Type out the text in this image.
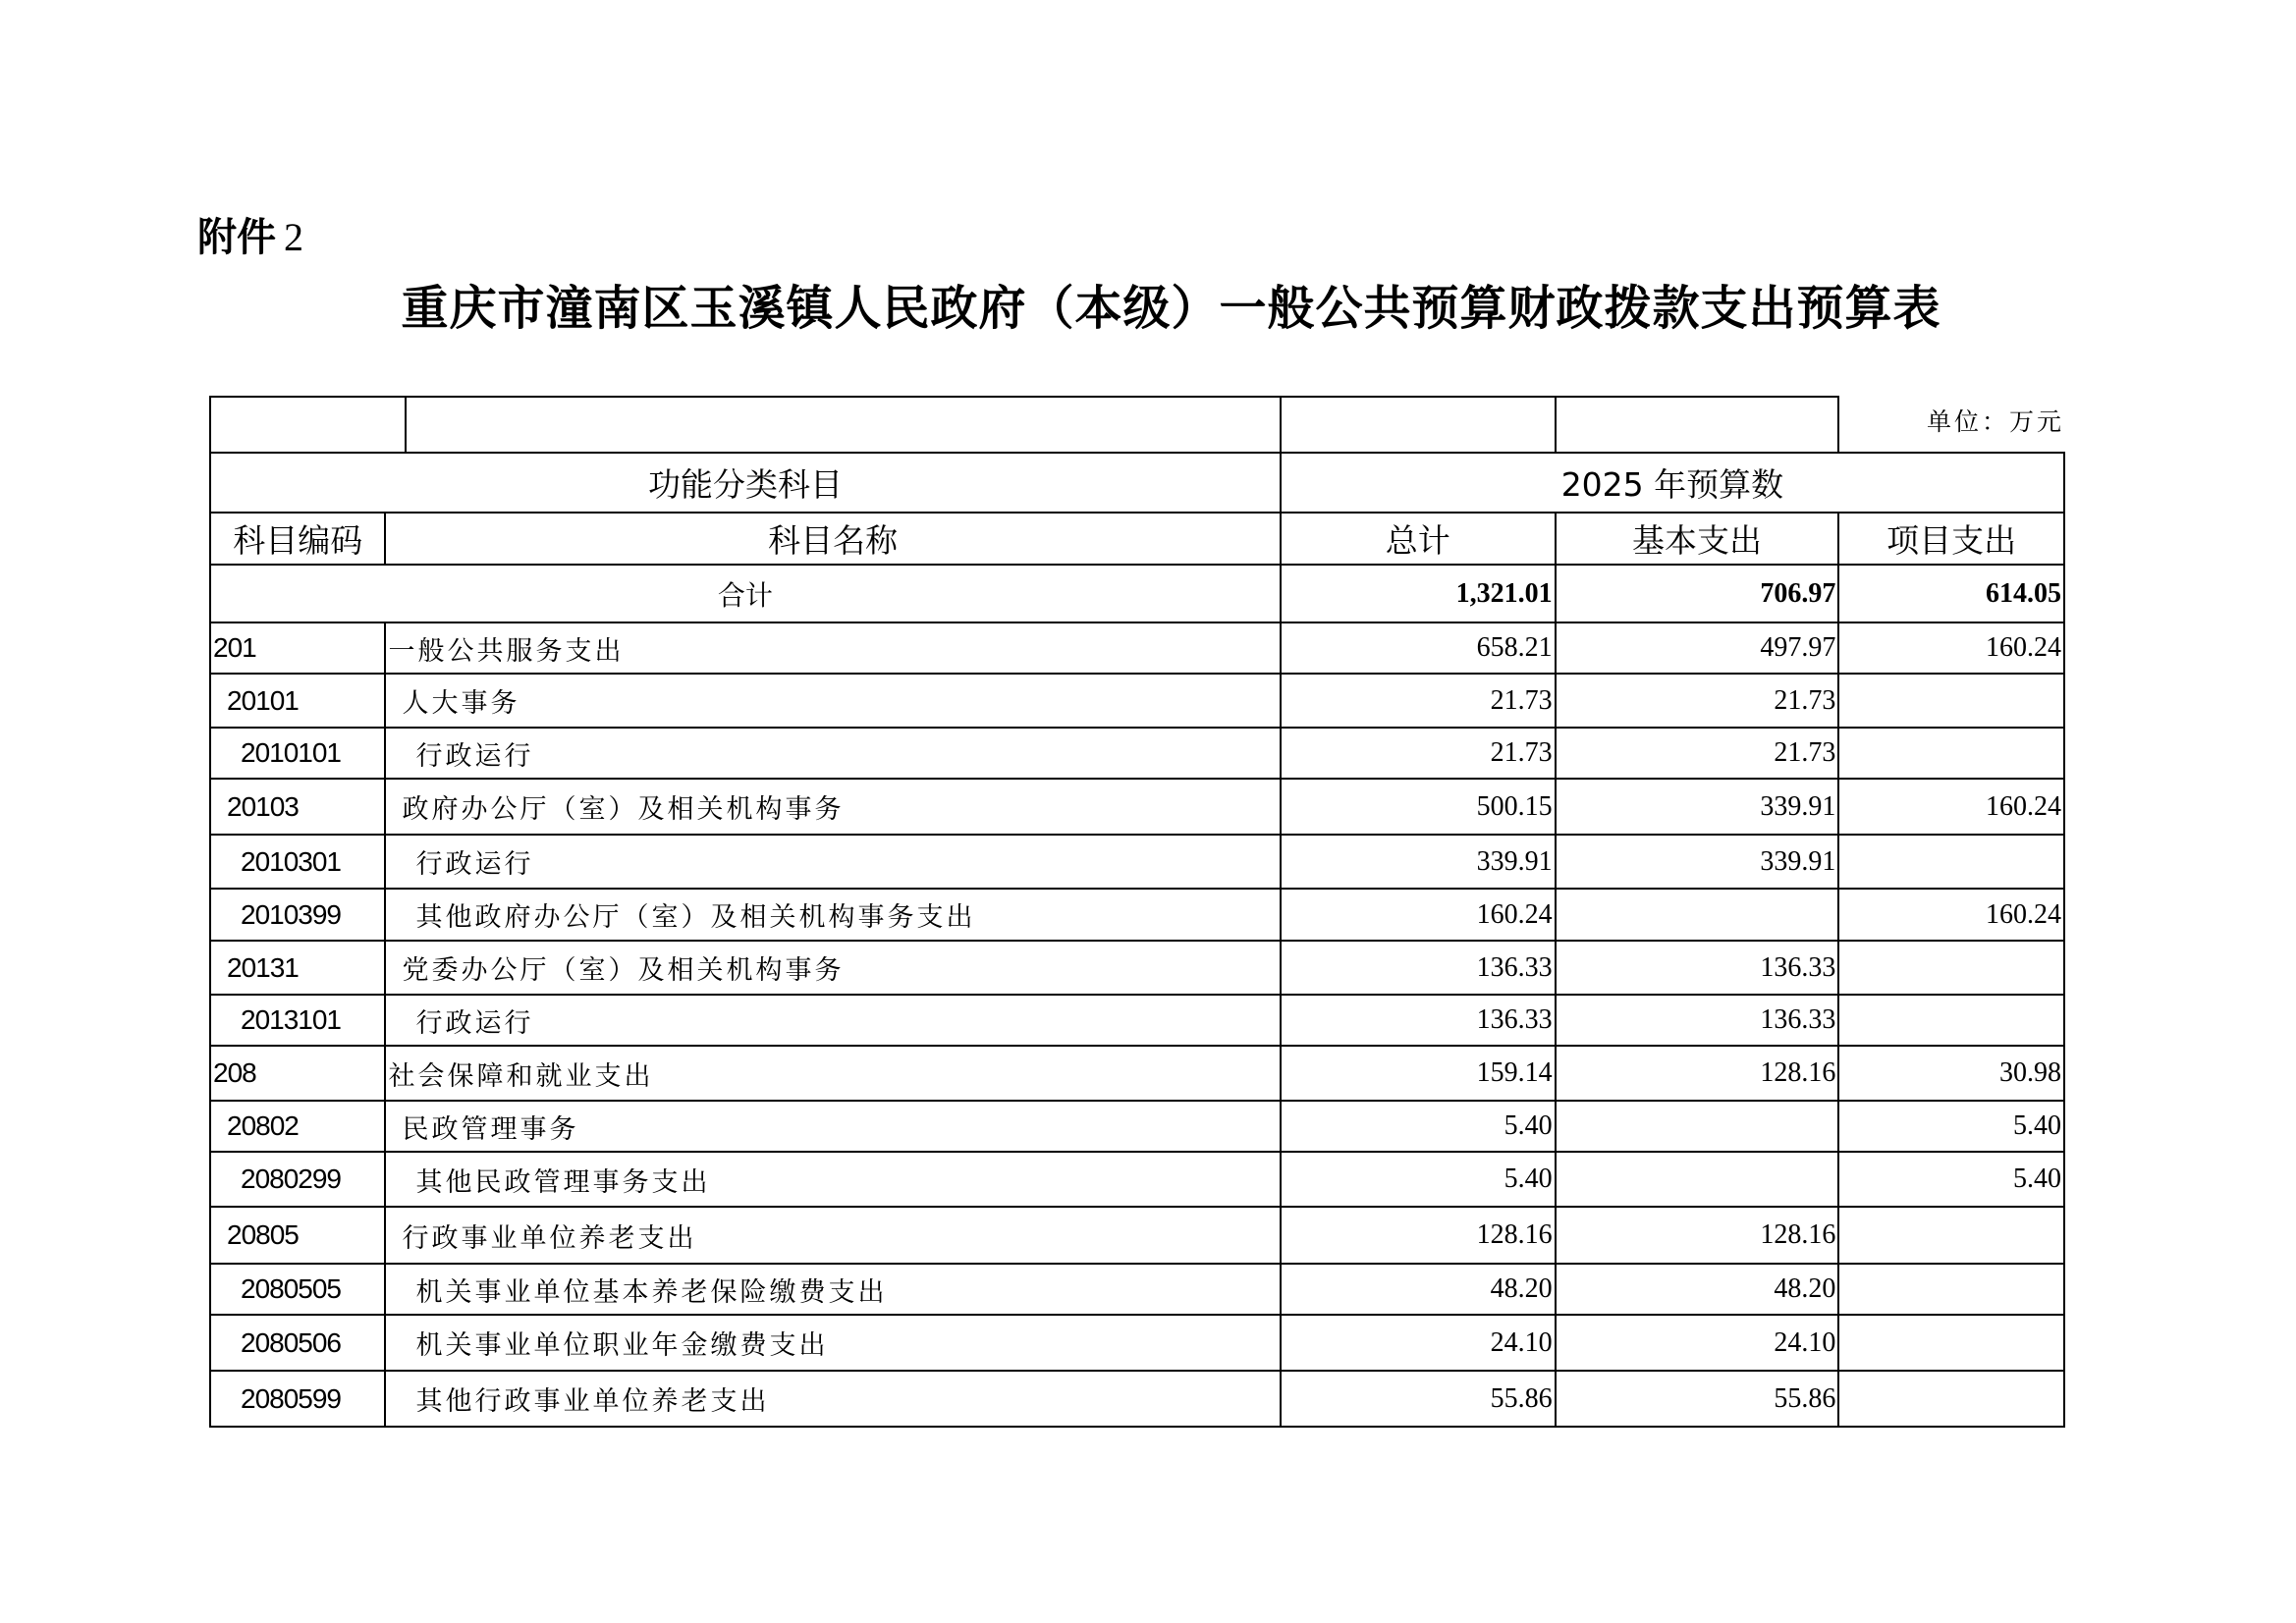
附件 2
重庆市潼南区玉溪镇人民政府（本级）一般公共预算财政拨款支出预算表
单位：万元

功能分类科目			2025 年预算数		
科目编码	科目名称		总计	基本支出	项目支出
合计			1,321.01	706.97	614.05
201	一般公共服务支出		658.21	497.97	160.24
20101	人大事务		21.73	21.73	
2010101	行政运行		21.73	21.73	
20103	政府办公厅（室）及相关机构事务		500.15	339.91	160.24
2010301	行政运行		339.91	339.91	
2010399	其他政府办公厅（室）及相关机构事务支出		160.24		160.24
20131	党委办公厅（室）及相关机构事务		136.33	136.33	
2013101	行政运行		136.33	136.33	
208	社会保障和就业支出		159.14	128.16	30.98
20802	民政管理事务		5.40		5.40
2080299	其他民政管理事务支出		5.40		5.40
20805	行政事业单位养老支出		128.16	128.16	
2080505	机关事业单位基本养老保险缴费支出		48.20	48.20	
2080506	机关事业单位职业年金缴费支出		24.10	24.10	
2080599	其他行政事业单位养老支出		55.86	55.86	
